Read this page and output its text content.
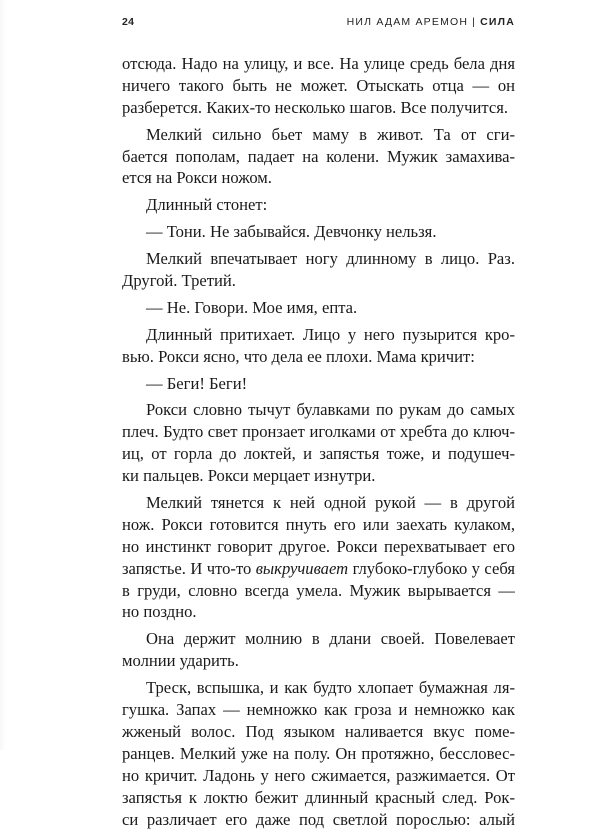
24	НИЛ АДАМ АРЕМОН | СИЛА
отсюда. Надо на улицу, и все. На улице средь бела дня
ничего такого быть не может. Отыскать отца — он
разберется. Каких-то несколько шагов. Все получится.
Мелкий сильно бьет маму в живот. Та от сги-
бается пополам, падает на колени. Мужик замахива-
ется на Рокси ножом.
Длинный стонет:
— Тони. Не забывайся. Девчонку нельзя.
Мелкий впечатывает ногу длинному в лицо. Раз.
Другой. Третий.
— Не. Говори. Мое имя, епта.
Длинный притихает. Лицо у него пузырится кро-
вью. Рокси ясно, что дела ее плохи. Мама кричит:
— Беги! Беги!
Рокси словно тычут булавками по рукам до самых
плеч. Будто свет пронзает иголками от хребта до ключ-
иц, от горла до локтей, и запястья тоже, и подушеч-
ки пальцев. Рокси мерцает изнутри.
Мелкий тянется к ней одной рукой — в другой
нож. Рокси готовится пнуть его или заехать кулаком,
но инстинкт говорит другое. Рокси перехватывает его
запястье. И что-то выкручивает глубоко-глубоко у себя
в груди, словно всегда умела. Мужик вырывается —
но поздно.
Она держит молнию в длани своей. Повелевает
молнии ударить.
Треск, вспышка, и как будто хлопает бумажная ля-
гушка. Запах — немножко как гроза и немножко как
жженый волос. Под языком наливается вкус поме-
ранцев. Мелкий уже на полу. Он протяжно, бессловес-
но кричит. Ладонь у него сжимается, разжимается. От
запястья к локтю бежит длинный красный след. Рок-
си различает его даже под светлой порослью: алый
